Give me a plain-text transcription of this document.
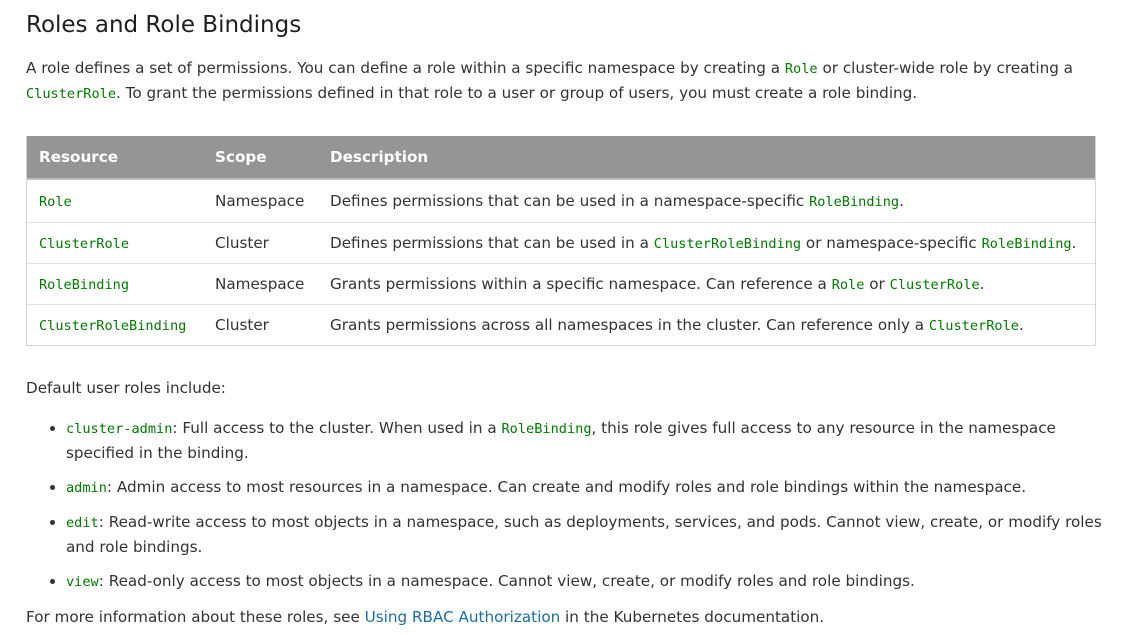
Roles and Role Bindings

A role defines a set of permissions. You can define a role within a specific namespace by creating a Role or cluster-wide role by creating a ClusterRole. To grant the permissions defined in that role to a user or group of users, you must create a role binding.

Resource	Scope	Description
Role	Namespace	Defines permissions that can be used in a namespace-specific RoleBinding.
ClusterRole	Cluster	Defines permissions that can be used in a ClusterRoleBinding or namespace-specific RoleBinding.
RoleBinding	Namespace	Grants permissions within a specific namespace. Can reference a Role or ClusterRole.
ClusterRoleBinding	Cluster	Grants permissions across all namespaces in the cluster. Can reference only a ClusterRole.

Default user roles include:

• cluster-admin: Full access to the cluster. When used in a RoleBinding, this role gives full access to any resource in the namespace specified in the binding.
• admin: Admin access to most resources in a namespace. Can create and modify roles and role bindings within the namespace.
• edit: Read-write access to most objects in a namespace, such as deployments, services, and pods. Cannot view, create, or modify roles and role bindings.
• view: Read-only access to most objects in a namespace. Cannot view, create, or modify roles and role bindings.

For more information about these roles, see Using RBAC Authorization in the Kubernetes documentation.
